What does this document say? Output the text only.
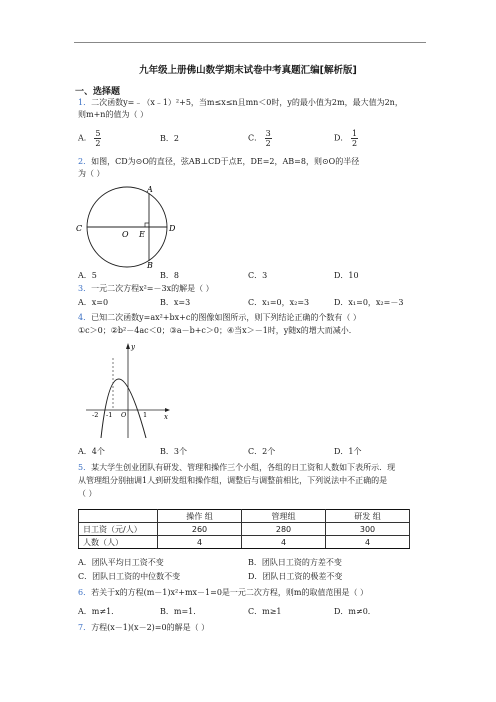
九年级上册佛山数学期末试卷中考真题汇编[解析版]
一、选择题
1．二次函数y=﹣（x﹣1）²+5，当m≤x≤n且mn＜0时，y的最小值为2m，最大值为2n，
则m+n的值为（ ）
A． $\frac{5}{2}$	B．2	C． $\frac{3}{2}$	D． $\frac{1}{2}$
2．如图，CD为⊙O的直径，弦AB⊥CD于点E，DE=2，AB=8，则⊙O的半径
为（ ）
A
B
C	D
O E
A．5	B．8	C．3	D．10
3．一元二次方程x²=－3x的解是（ ）
A．x=0	B．x=3	C．x₁=0，x₂=3	D．x₁=0，x₂=－3
4．已知二次函数y=ax²+bx+c的图像如图所示，则下列结论正确的个数有（ ）
①c＞0；②b²－4ac＜0；③a－b+c＞0；④当x＞－1时，y随x的增大而减小．
y
x
-2 -1 O	1
A．4个	B．3个	C．2个	D．1个
5．某大学生创业团队有研发、管理和操作三个小组，各组的日工资和人数如下表所示．现
从管理组分别抽调1人到研发组和操作组，调整后与调整前相比，下列说法中不正确的是
（ ）
	操作 组	管理组	研发 组
日工资（元/人）	260	280	300
人数（人）	4	4	4
A．团队平均日工资不变	B．团队日工资的方差不变
C．团队日工资的中位数不变	D．团队日工资的极差不变
6．若关于x的方程(m－1)x²+mx－1=0是一元二次方程，则m的取值范围是（ ）
A．m≠1．	B．m=1．	C．m≥1	D．m≠0．
7．方程(x－1)(x－2)=0的解是（ ）
